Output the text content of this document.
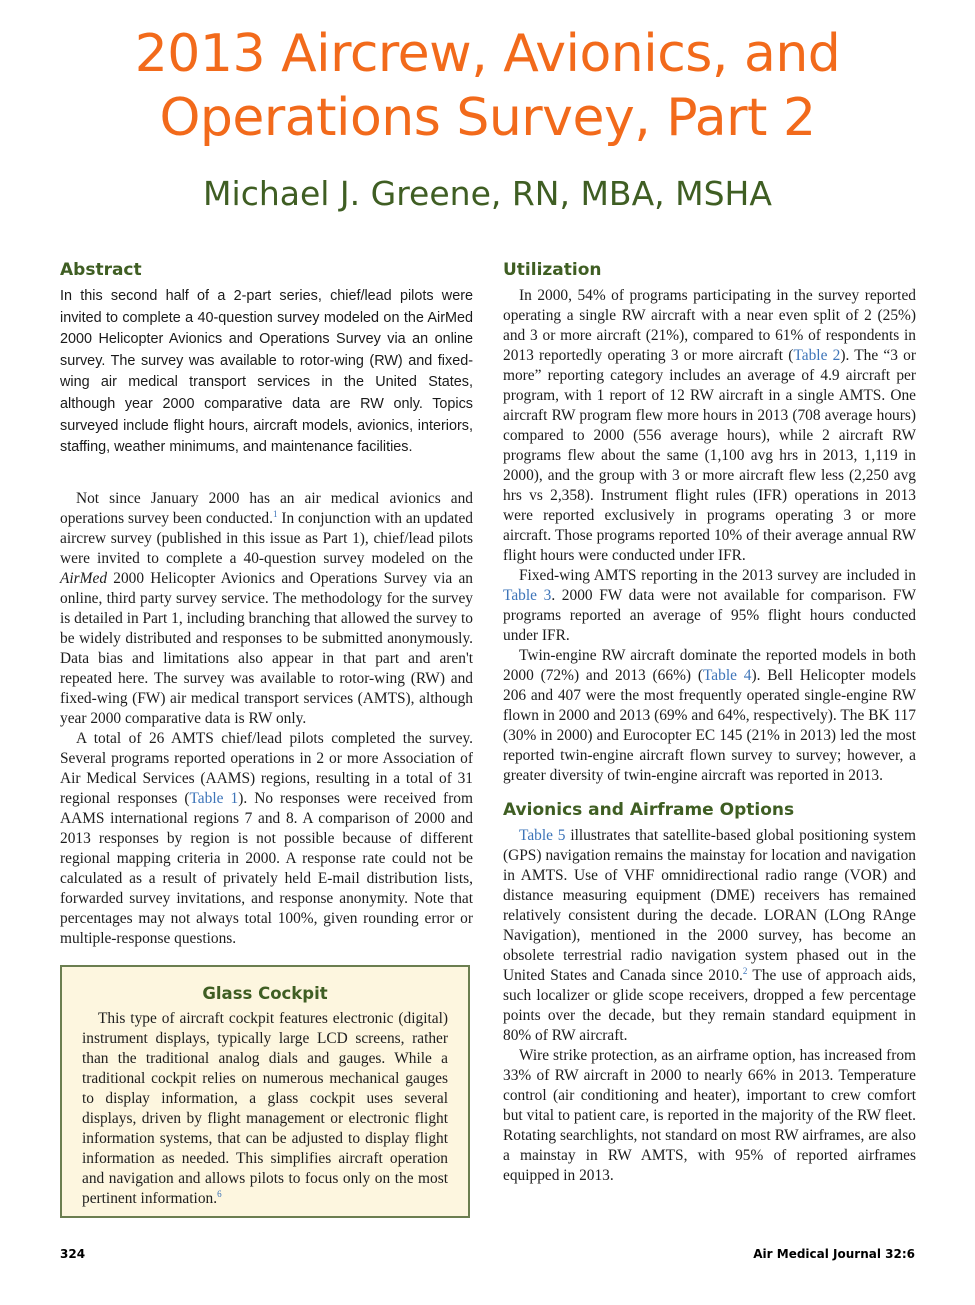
2013 Aircrew, Avionics, and
Operations Survey, Part 2
Michael J. Greene, RN, MBA, MSHA
Abstract

In this second half of a 2-part series, chief/lead pilots were invited to complete a 40-question survey modeled on the AirMed 2000 Helicopter Avionics and Operations Survey via an online survey. The survey was available to rotor-wing (RW) and fixed-wing air medical transport services in the United States, although year 2000 comparative data are RW only. Topics surveyed include flight hours, aircraft models, avionics, interiors, staffing, weather minimums, and maintenance facilities.

Not since January 2000 has an air medical avionics and operations survey been conducted.$^1$ In conjunction with an updated aircrew survey (published in this issue as Part 1), chief/lead pilots were invited to complete a 40-question survey modeled on the AirMed 2000 Helicopter Avionics and Operations Survey via an online, third party survey service. The methodology for the survey is detailed in Part 1, including branching that allowed the survey to be widely distributed and responses to be submitted anonymously. Data bias and limitations also appear in that part and aren't repeated here. The survey was available to rotor-wing (RW) and fixed-wing (FW) air medical transport services (AMTS), although year 2000 comparative data is RW only.

A total of 26 AMTS chief/lead pilots completed the survey. Several programs reported operations in 2 or more Association of Air Medical Services (AAMS) regions, resulting in a total of 31 regional responses (Table 1). No responses were received from AAMS international regions 7 and 8. A comparison of 2000 and 2013 responses by region is not possible because of different regional mapping criteria in 2000. A response rate could not be calculated as a result of privately held E-mail distribution lists, forwarded survey invitations, and response anonymity. Note that percentages may not always total 100%, given rounding error or multiple-response questions.

Glass Cockpit

This type of aircraft cockpit features electronic (digital) instrument displays, typically large LCD screens, rather than the traditional analog dials and gauges. While a traditional cockpit relies on numerous mechanical gauges to display information, a glass cockpit uses several displays, driven by flight management or electronic flight information systems, that can be adjusted to display flight information as needed. This simplifies aircraft operation and navigation and allows pilots to focus only on the most pertinent information.$^6$

Utilization

In 2000, 54% of programs participating in the survey reported operating a single RW aircraft with a near even split of 2 (25%) and 3 or more aircraft (21%), compared to 61% of respondents in 2013 reportedly operating 3 or more aircraft (Table 2). The “3 or more” reporting category includes an average of 4.9 aircraft per program, with 1 report of 12 RW aircraft in a single AMTS. One aircraft RW program flew more hours in 2013 (708 average hours) compared to 2000 (556 average hours), while 2 aircraft RW programs flew about the same (1,100 avg hrs in 2013, 1,119 in 2000), and the group with 3 or more aircraft flew less (2,250 avg hrs vs 2,358). Instrument flight rules (IFR) operations in 2013 were reported exclusively in programs operating 3 or more aircraft. Those programs reported 10% of their average annual RW flight hours were conducted under IFR.

Fixed-wing AMTS reporting in the 2013 survey are included in Table 3. 2000 FW data were not available for comparison. FW programs reported an average of 95% flight hours conducted under IFR.

Twin-engine RW aircraft dominate the reported models in both 2000 (72%) and 2013 (66%) (Table 4). Bell Helicopter models 206 and 407 were the most frequently operated single-engine RW flown in 2000 and 2013 (69% and 64%, respectively). The BK 117 (30% in 2000) and Eurocopter EC 145 (21% in 2013) led the most reported twin-engine aircraft flown survey to survey; however, a greater diversity of twin-engine aircraft was reported in 2013.

Avionics and Airframe Options

Table 5 illustrates that satellite-based global positioning system (GPS) navigation remains the mainstay for location and navigation in AMTS. Use of VHF omnidirectional radio range (VOR) and distance measuring equipment (DME) receivers has remained relatively consistent during the decade. LORAN (LOng RAnge Navigation), mentioned in the 2000 survey, has become an obsolete terrestrial radio navigation system phased out in the United States and Canada since 2010.$^2$ The use of approach aids, such localizer or glide scope receivers, dropped a few percentage points over the decade, but they remain standard equipment in 80% of RW aircraft.

Wire strike protection, as an airframe option, has increased from 33% of RW aircraft in 2000 to nearly 66% in 2013. Temperature control (air conditioning and heater), important to crew comfort but vital to patient care, is reported in the majority of the RW fleet. Rotating searchlights, not standard on most RW airframes, are also a mainstay in RW AMTS, with 95% of reported airframes equipped in 2013.

324	Air Medical Journal 32:6
